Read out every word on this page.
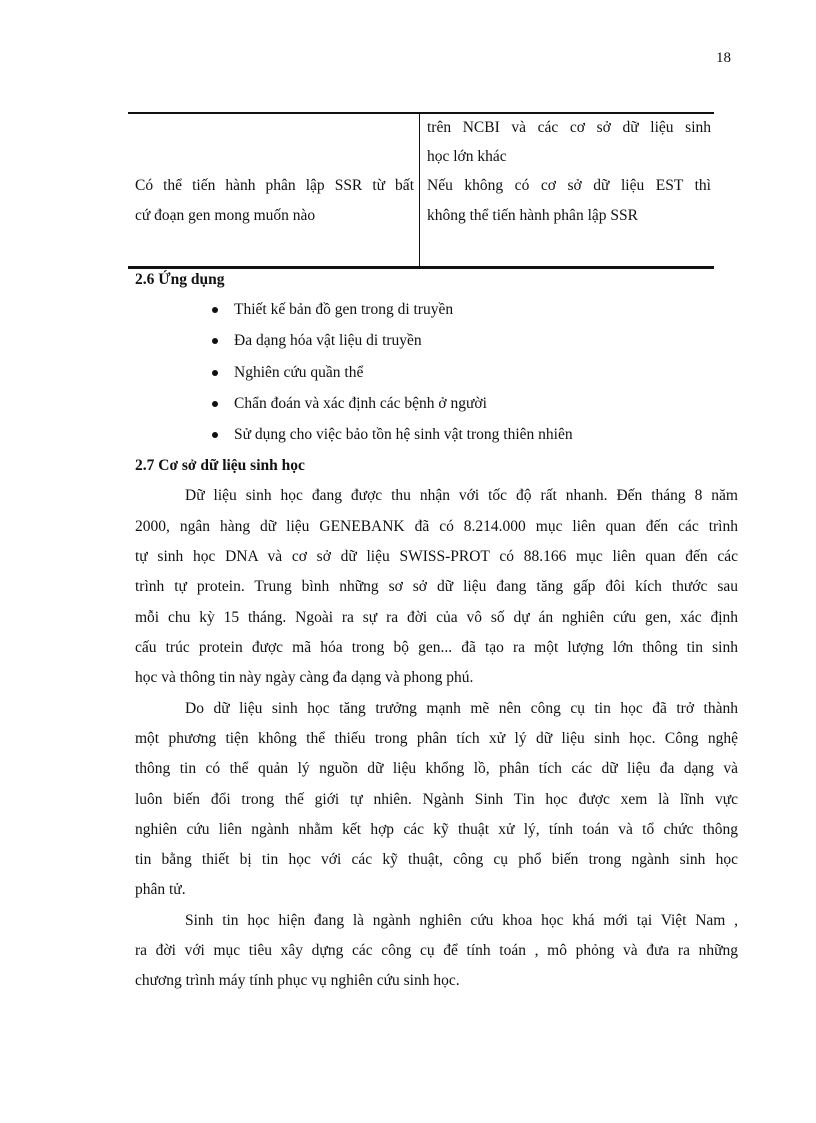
18
trên NCBI và các cơ sở dữ liệu sinh
học lớn khác
Nếu không có cơ sở dữ liệu EST thì
không thể tiến hành phân lập SSR
Có thể tiến hành phân lập SSR từ bất
cứ đoạn gen mong muốn nào
2.6 Ứng dụng
Thiết kế bản đồ gen trong di truyền
Đa dạng hóa vật liệu di truyền
Nghiên cứu quần thể
Chẩn đoán và xác định các bệnh ở người
Sử dụng cho việc bảo tồn hệ sinh vật trong thiên nhiên
2.7 Cơ sở dữ liệu sinh học
Dữ liệu sinh học đang được thu nhận với tốc độ rất nhanh. Đến tháng 8 năm
2000, ngân hàng dữ liệu GENEBANK đã có 8.214.000 mục liên quan đến các trình
tự sinh học DNA và cơ sở dữ liệu SWISS-PROT có 88.166 mục liên quan đến các
trình tự protein. Trung bình những sơ sở dữ liệu đang tăng gấp đôi kích thước sau
mỗi chu kỳ 15 tháng. Ngoài ra sự ra đời của vô số dự án nghiên cứu gen, xác định
cấu trúc protein được mã hóa trong bộ gen... đã tạo ra một lượng lớn thông tin sinh
học và thông tin này ngày càng đa dạng và phong phú.
Do dữ liệu sinh học tăng trưởng mạnh mẽ nên công cụ tin học đã trở thành
một phương tiện không thể thiếu trong phân tích xử lý dữ liệu sinh học. Công nghệ
thông tin có thể quản lý nguồn dữ liệu khổng lồ, phân tích các dữ liệu đa dạng và
luôn biến đổi trong thế giới tự nhiên. Ngành Sinh Tin học được xem là lĩnh vực
nghiên cứu liên ngành nhằm kết hợp các kỹ thuật xử lý, tính toán và tổ chức thông
tin bằng thiết bị tin học với các kỹ thuật, công cụ phổ biến trong ngành sinh học
phân tử.
Sinh tin học hiện đang là ngành nghiên cứu khoa học khá mới tại Việt Nam ,
ra đời với mục tiêu xây dựng các công cụ để tính toán , mô phỏng và đưa ra những
chương trình máy tính phục vụ nghiên cứu sinh học.
